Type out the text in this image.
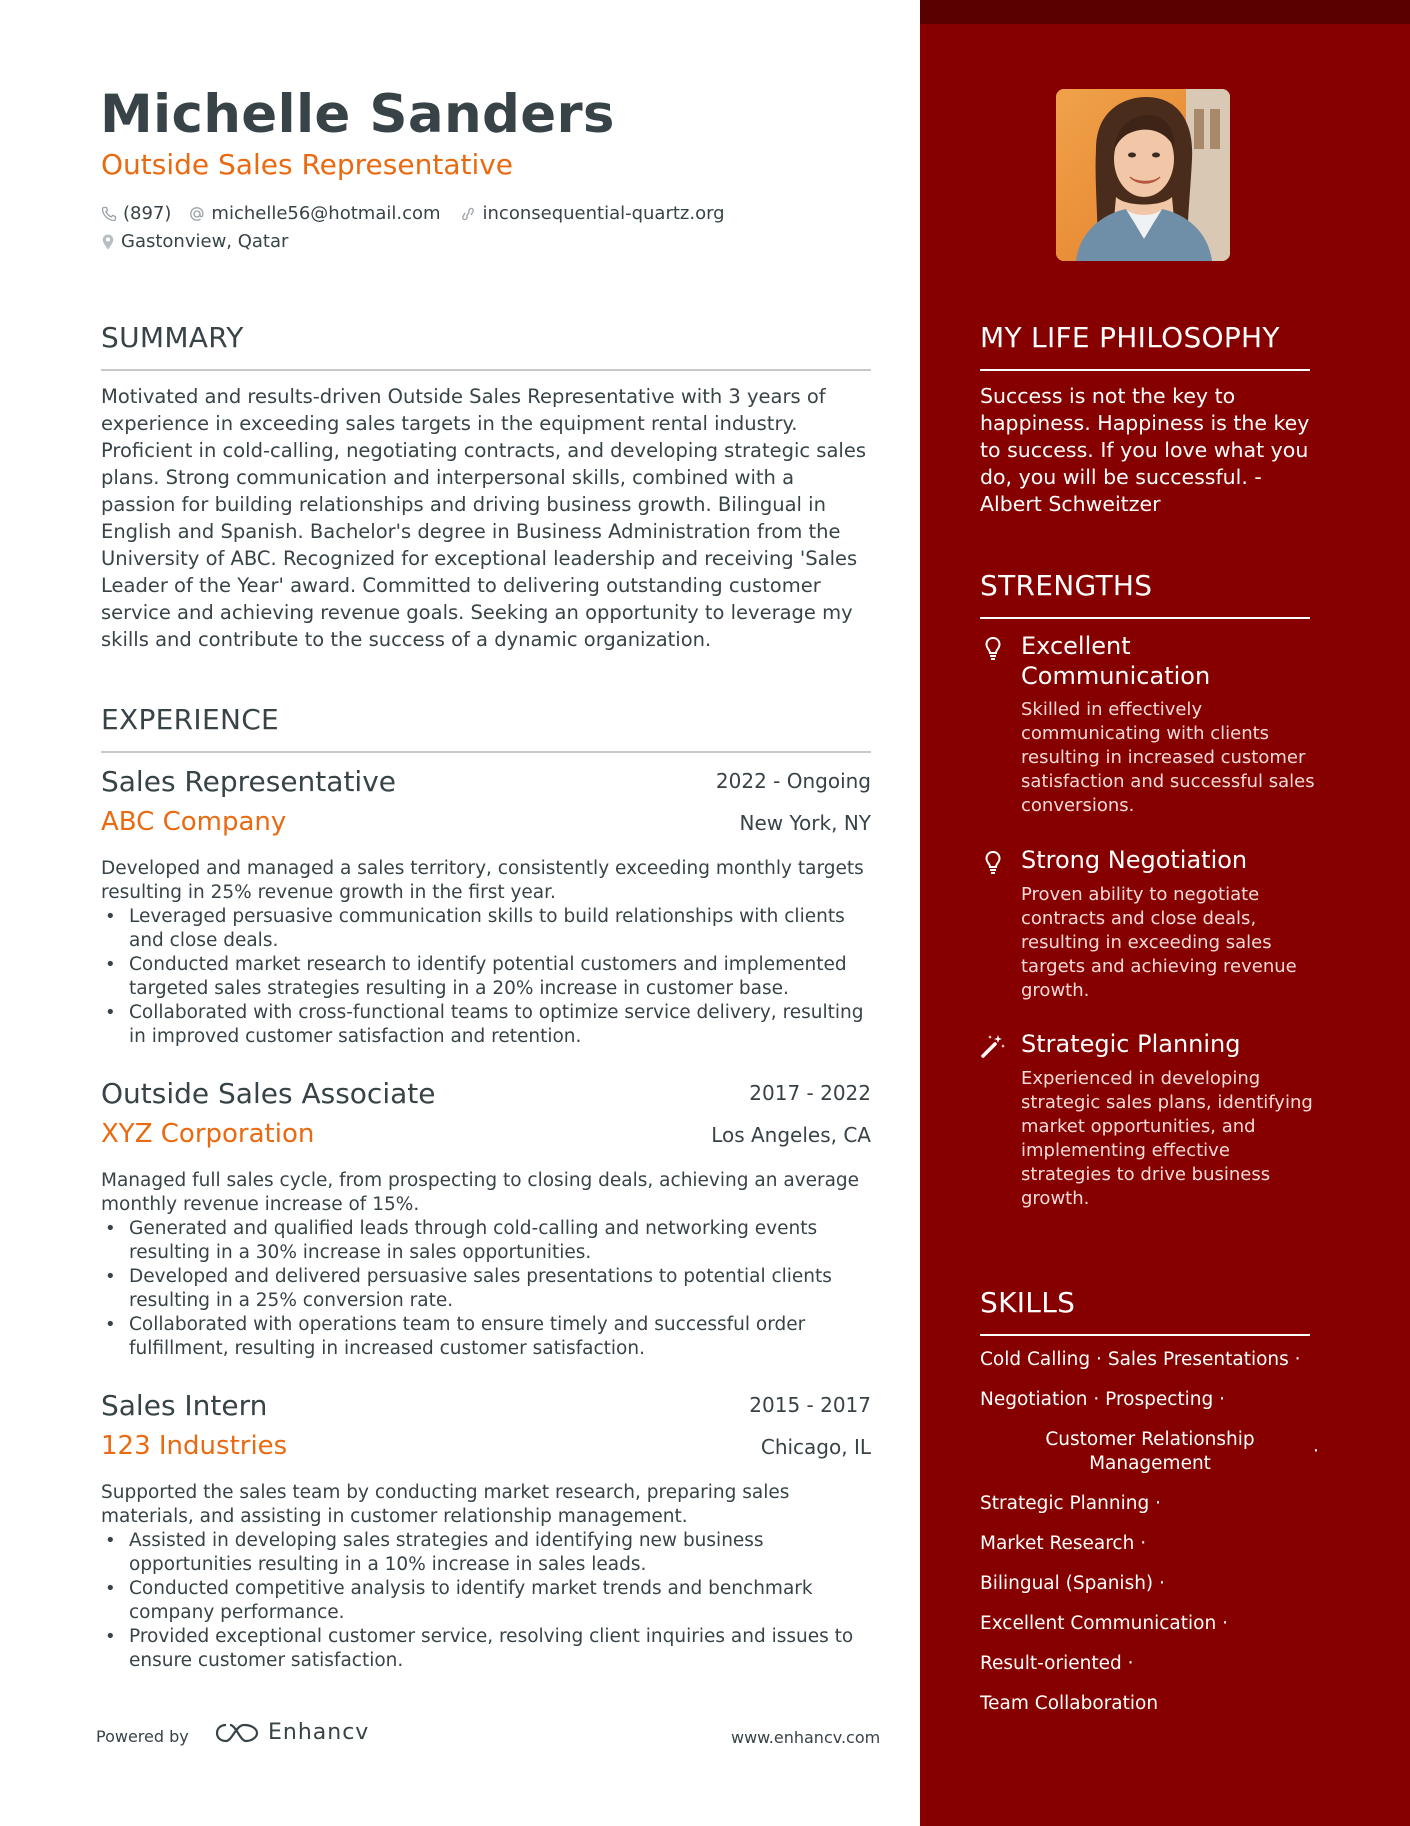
Michelle Sanders
Outside Sales Representative
(897) michelle56@hotmail.com inconsequential-quartz.org
Gastonview, Qatar
SUMMARY
Motivated and results-driven Outside Sales Representative with 3 years of experience in exceeding sales targets in the equipment rental industry. Proficient in cold-calling, negotiating contracts, and developing strategic sales plans. Strong communication and interpersonal skills, combined with a passion for building relationships and driving business growth. Bilingual in English and Spanish. Bachelor's degree in Business Administration from the University of ABC. Recognized for exceptional leadership and receiving 'Sales Leader of the Year' award. Committed to delivering outstanding customer service and achieving revenue goals. Seeking an opportunity to leverage my skills and contribute to the success of a dynamic organization.
EXPERIENCE
Sales Representative	2022 - Ongoing
ABC Company	New York, NY
Developed and managed a sales territory, consistently exceeding monthly targets resulting in 25% revenue growth in the first year.
• Leveraged persuasive communication skills to build relationships with clients and close deals.
• Conducted market research to identify potential customers and implemented targeted sales strategies resulting in a 20% increase in customer base.
• Collaborated with cross-functional teams to optimize service delivery, resulting in improved customer satisfaction and retention.
Outside Sales Associate	2017 - 2022
XYZ Corporation	Los Angeles, CA
Managed full sales cycle, from prospecting to closing deals, achieving an average monthly revenue increase of 15%.
• Generated and qualified leads through cold-calling and networking events resulting in a 30% increase in sales opportunities.
• Developed and delivered persuasive sales presentations to potential clients resulting in a 25% conversion rate.
• Collaborated with operations team to ensure timely and successful order fulfillment, resulting in increased customer satisfaction.
Sales Intern	2015 - 2017
123 Industries	Chicago, IL
Supported the sales team by conducting market research, preparing sales materials, and assisting in customer relationship management.
• Assisted in developing sales strategies and identifying new business opportunities resulting in a 10% increase in sales leads.
• Conducted competitive analysis to identify market trends and benchmark company performance.
• Provided exceptional customer service, resolving client inquiries and issues to ensure customer satisfaction.
Powered by	Enhancv	www.enhancv.com
MY LIFE PHILOSOPHY
Success is not the key to happiness. Happiness is the key to success. If you love what you do, you will be successful. - Albert Schweitzer
STRENGTHS
Excellent Communication
Skilled in effectively communicating with clients resulting in increased customer satisfaction and successful sales conversions.
Strong Negotiation
Proven ability to negotiate contracts and close deals, resulting in exceeding sales targets and achieving revenue growth.
Strategic Planning
Experienced in developing strategic sales plans, identifying market opportunities, and implementing effective strategies to drive business growth.
SKILLS
Cold Calling · Sales Presentations ·
Negotiation · Prospecting ·
Customer Relationship Management
·
Strategic Planning ·
Market Research ·
Bilingual (Spanish) ·
Excellent Communication ·
Result-oriented ·
Team Collaboration
